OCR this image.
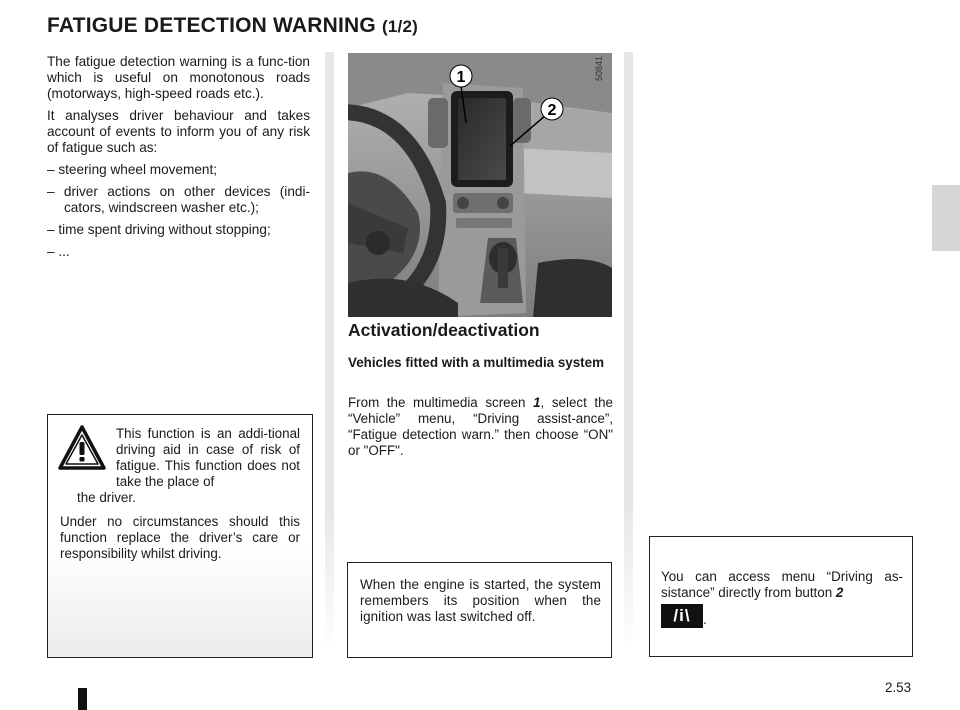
FATIGUE DETECTION WARNING (1/2)

The fatigue detection warning is a func-tion which is useful on monotonous roads (motorways, high-speed roads etc.).

It analyses driver behaviour and takes account of events to inform you of any risk of fatigue such as:

– steering wheel movement;
– driver actions on other devices (indi-cators, windscreen washer etc.);
– time spent driving without stopping;
– ...
This function is an addi-tional driving aid in case of risk of fatigue. This function does not take the place of
the driver.

Under no circumstances should this function replace the driver’s care or responsibility whilst driving.

1
2
50841
Activation/deactivation
Vehicles fitted with a multimedia system
From the multimedia screen 1, select the “Vehicle” menu, “Driving assist-ance”, “Fatigue detection warn.” then choose “ON" or "OFF".
When the engine is started, the system remembers its position when the ignition was last switched off.
You can access menu “Driving as-sistance” directly from button 2
/i\ .
2.53
